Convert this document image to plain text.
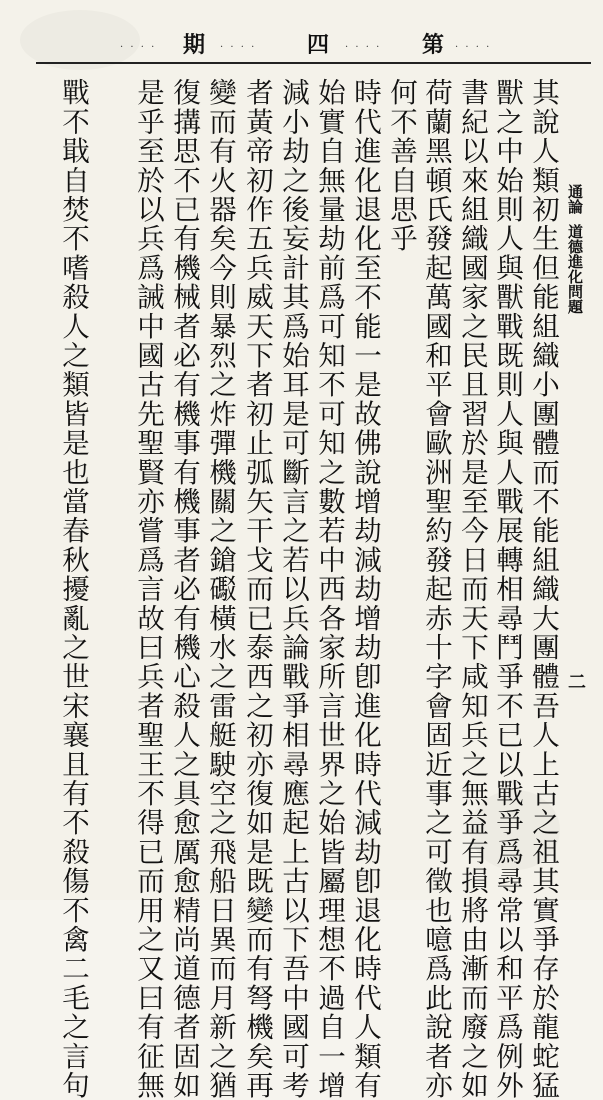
· · · · 期 · · · · 四 · · · · 第 · · · ·
通論道德進化問題
二
其說人類初生但能組織小團體而不能組織大團體吾人上古之祖其實爭存於龍蛇猛
獸之中始則人與獸戰既則人與人戰展轉相尋鬥爭不已以戰爭爲尋常以和平爲例外
書紀以來組織國家之民且習於是至今日而天下咸知兵之無益有損將由漸而廢之如
荷蘭黑頓氏發起萬國和平會歐洲聖約發起赤十字會固近事之可徵也噫爲此說者亦
何不善自思乎
時代進化退化至不能一是故佛說增劫減劫增劫卽進化時代減劫卽退化時代人類有
始實自無量劫前爲可知不可知之數若中西各家所言世界之始皆屬理想不過自一增
減小劫之後妄計其爲始耳是可斷言之若以兵論戰爭相尋應起上古以下吾中國可考
者黃帝初作五兵威天下者初止弧矢干戈而已泰西之初亦復如是既變而有弩機矣再
變而有火器矣今則暴烈之炸彈機關之鎗礟橫水之雷艇駛空之飛船日異而月新之猶
復搆思不已有機械者必有機事有機事者必有機心殺人之具愈厲愈精尚道德者固如
是乎至於以兵爲誡中國古先聖賢亦嘗爲言故曰兵者聖王不得已而用之又曰有征無
戰不戢自焚不嗜殺人之類皆是也當春秋擾亂之世宋襄且有不殺傷不禽二毛之言句
